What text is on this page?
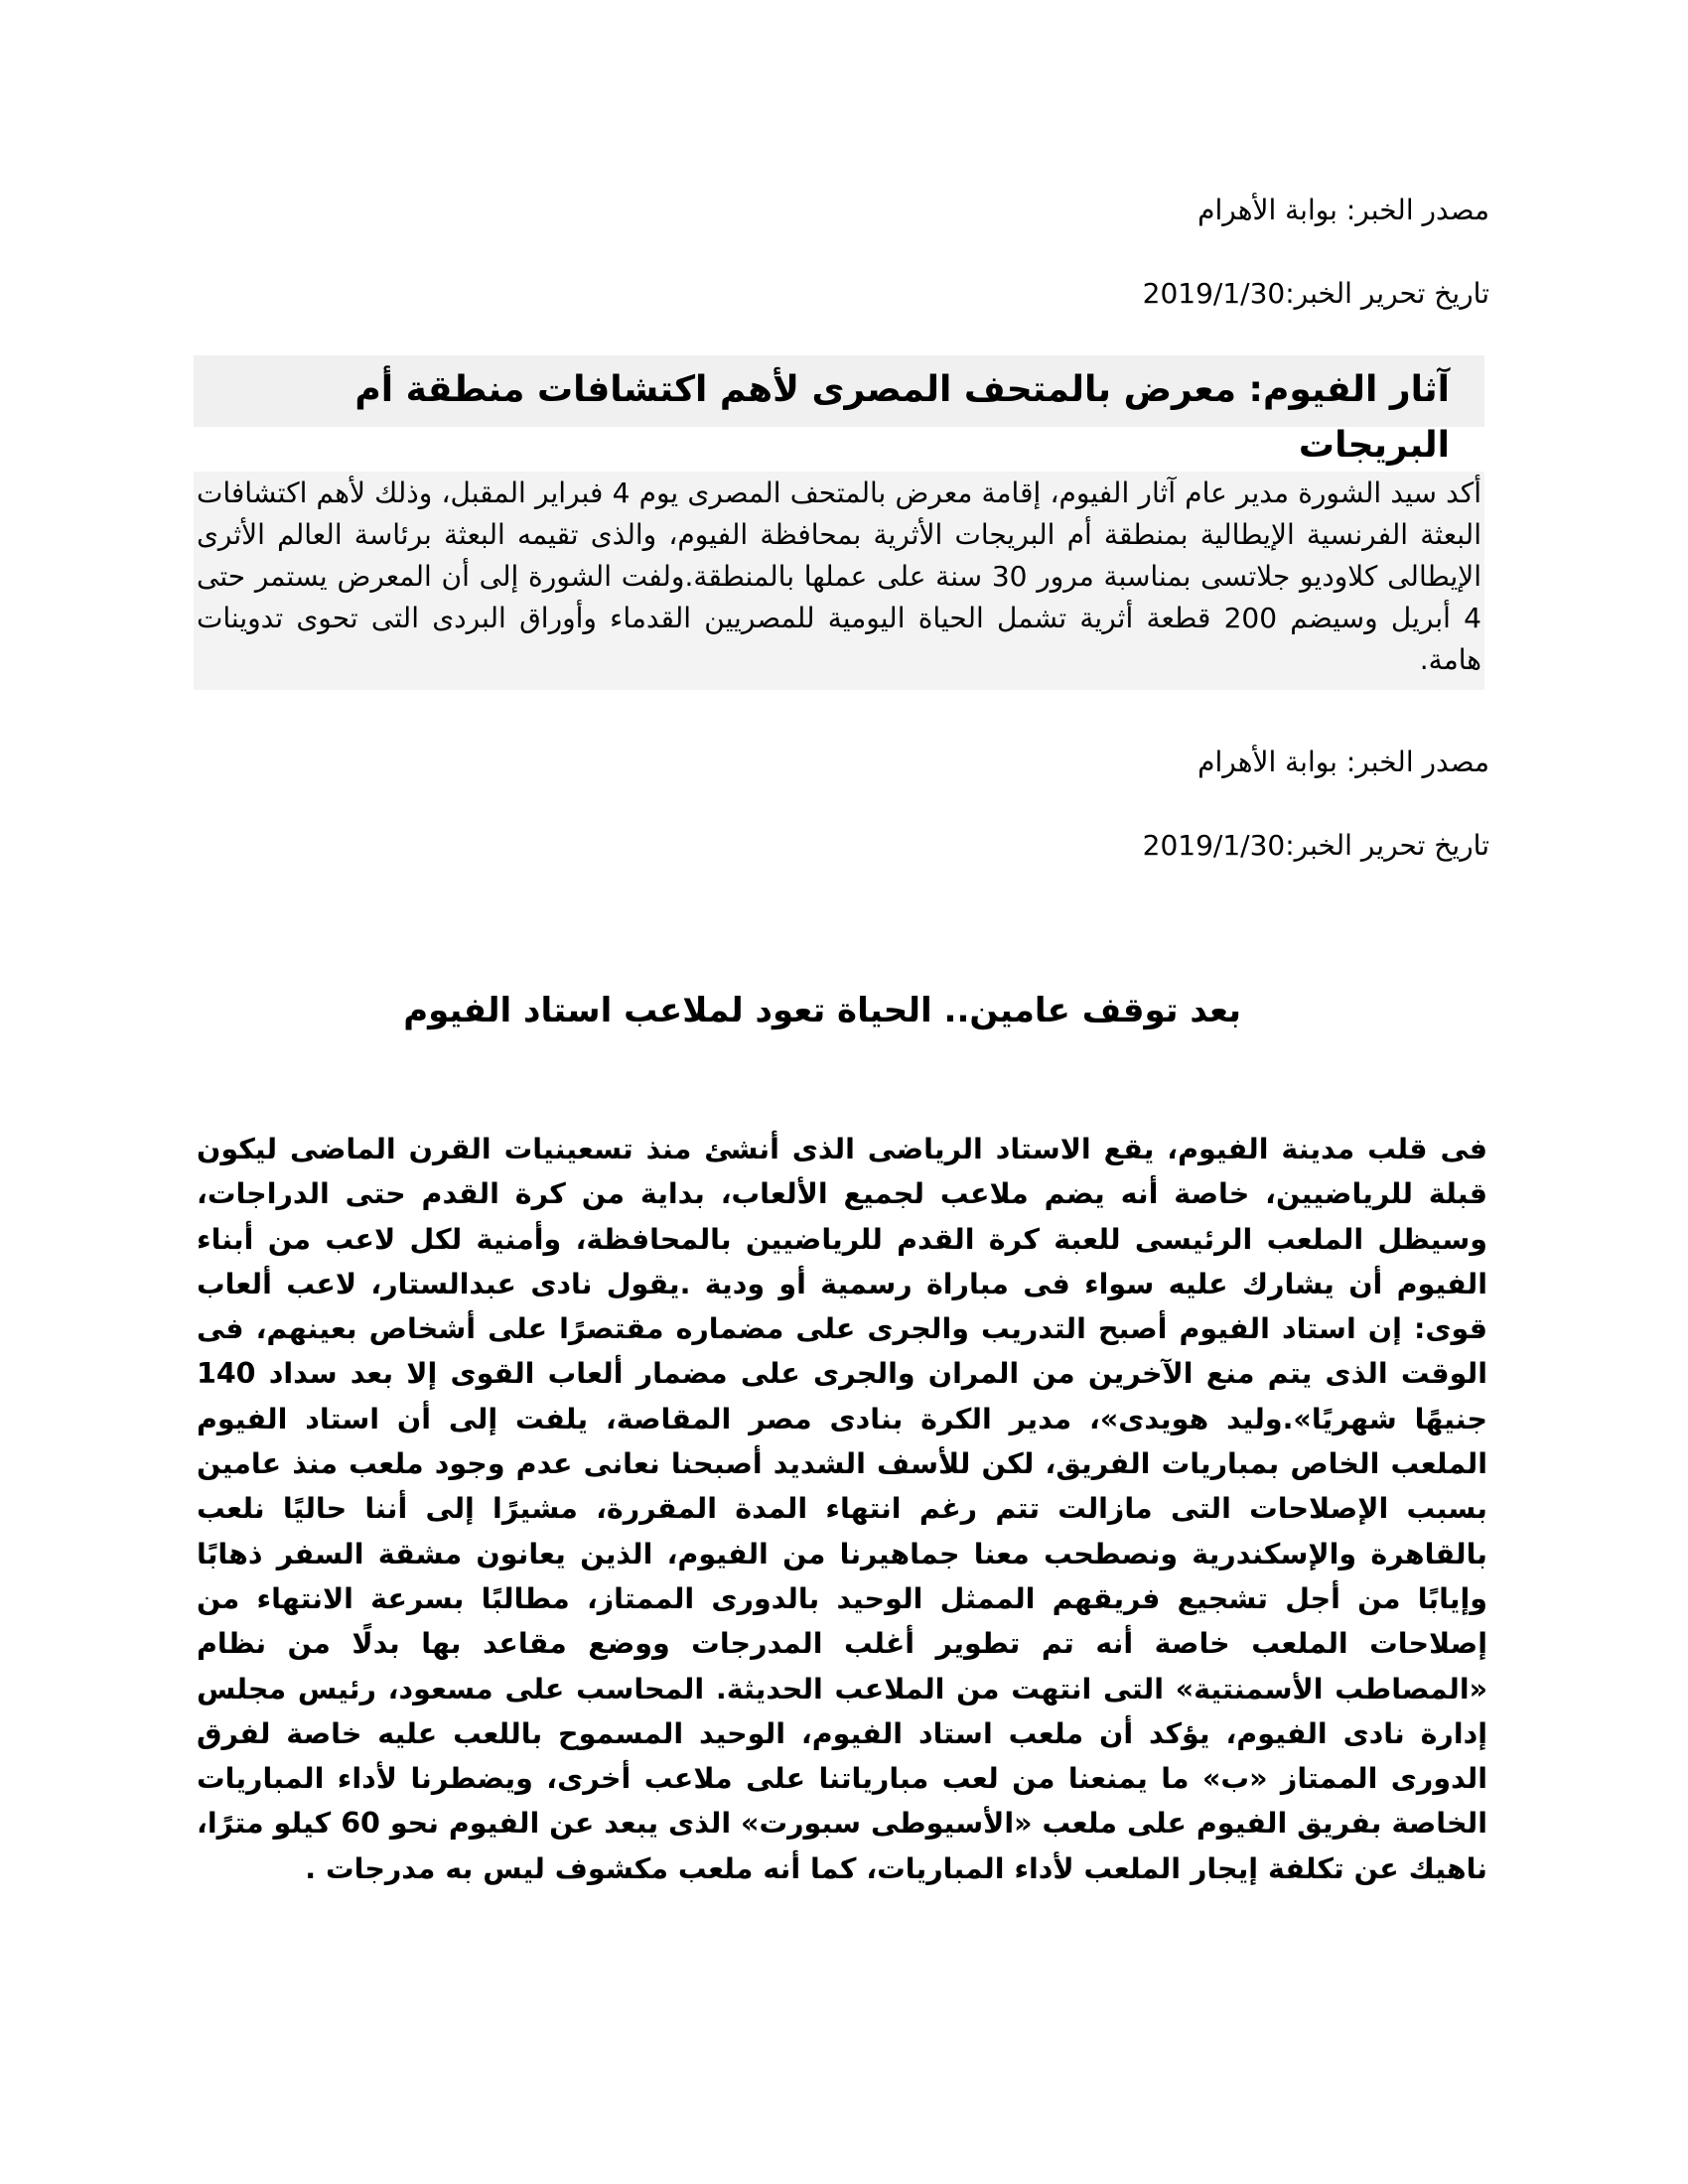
مصدر الخبر: بوابة الأهرام
تاريخ تحرير الخبر:2019/1/30
آثار الفيوم: معرض بالمتحف المصرى لأهم اكتشافات منطقة أم البريجات
أكد سيد الشورة مدير عام آثار الفيوم، إقامة معرض بالمتحف المصرى يوم 4 فبراير المقبل، وذلك لأهم اكتشافات البعثة الفرنسية الإيطالية بمنطقة أم البريجات الأثرية بمحافظة الفيوم، والذى تقيمه البعثة برئاسة العالم الأثرى الإيطالى كلاوديو جلاتسى بمناسبة مرور 30 سنة على عملها بالمنطقة.ولفت الشورة إلى أن المعرض يستمر حتى 4 أبريل وسيضم 200 قطعة أثرية تشمل الحياة اليومية للمصريين القدماء وأوراق البردى التى تحوى تدوينات هامة.
مصدر الخبر: بوابة الأهرام
تاريخ تحرير الخبر:2019/1/30
بعد توقف عامين.. الحياة تعود لملاعب استاد الفيوم
فى قلب مدينة الفيوم، يقع الاستاد الرياضى الذى أنشئ منذ تسعينيات القرن الماضى ليكون قبلة للرياضيين، خاصة أنه يضم ملاعب لجميع الألعاب، بداية من كرة القدم حتى الدراجات، وسيظل الملعب الرئيسى للعبة كرة القدم للرياضيين بالمحافظة، وأمنية لكل لاعب من أبناء الفيوم أن يشارك عليه سواء فى مباراة رسمية أو ودية .يقول نادى عبدالستار، لاعب ألعاب قوى: إن استاد الفيوم أصبح التدريب والجرى على مضماره مقتصرًا على أشخاص بعينهم، فى الوقت الذى يتم منع الآخرين من المران والجرى على مضمار ألعاب القوى إلا بعد سداد 140 جنيهًا شهريًا».وليد هويدى»، مدير الكرة بنادى مصر المقاصة، يلفت إلى أن استاد الفيوم الملعب الخاص بمباريات الفريق، لكن للأسف الشديد أصبحنا نعانى عدم وجود ملعب منذ عامين بسبب الإصلاحات التى مازالت تتم رغم انتهاء المدة المقررة، مشيرًا إلى أننا حاليًا نلعب بالقاهرة والإسكندرية ونصطحب معنا جماهيرنا من الفيوم، الذين يعانون مشقة السفر ذهابًا وإيابًا من أجل تشجيع فريقهم الممثل الوحيد بالدورى الممتاز، مطالبًا بسرعة الانتهاء من إصلاحات الملعب خاصة أنه تم تطوير أغلب المدرجات ووضع مقاعد بها بدلًا من نظام «المصاطب الأسمنتية» التى انتهت من الملاعب الحديثة. المحاسب على مسعود، رئيس مجلس إدارة نادى الفيوم، يؤكد أن ملعب استاد الفيوم، الوحيد المسموح باللعب عليه خاصة لفرق الدورى الممتاز «ب» ما يمنعنا من لعب مبارياتنا على ملاعب أخرى، ويضطرنا لأداء المباريات الخاصة بفريق الفيوم على ملعب «الأسيوطى سبورت» الذى يبعد عن الفيوم نحو 60 كيلو مترًا، ناهيك عن تكلفة إيجار الملعب لأداء المباريات، كما أنه ملعب مكشوف ليس به مدرجات .
